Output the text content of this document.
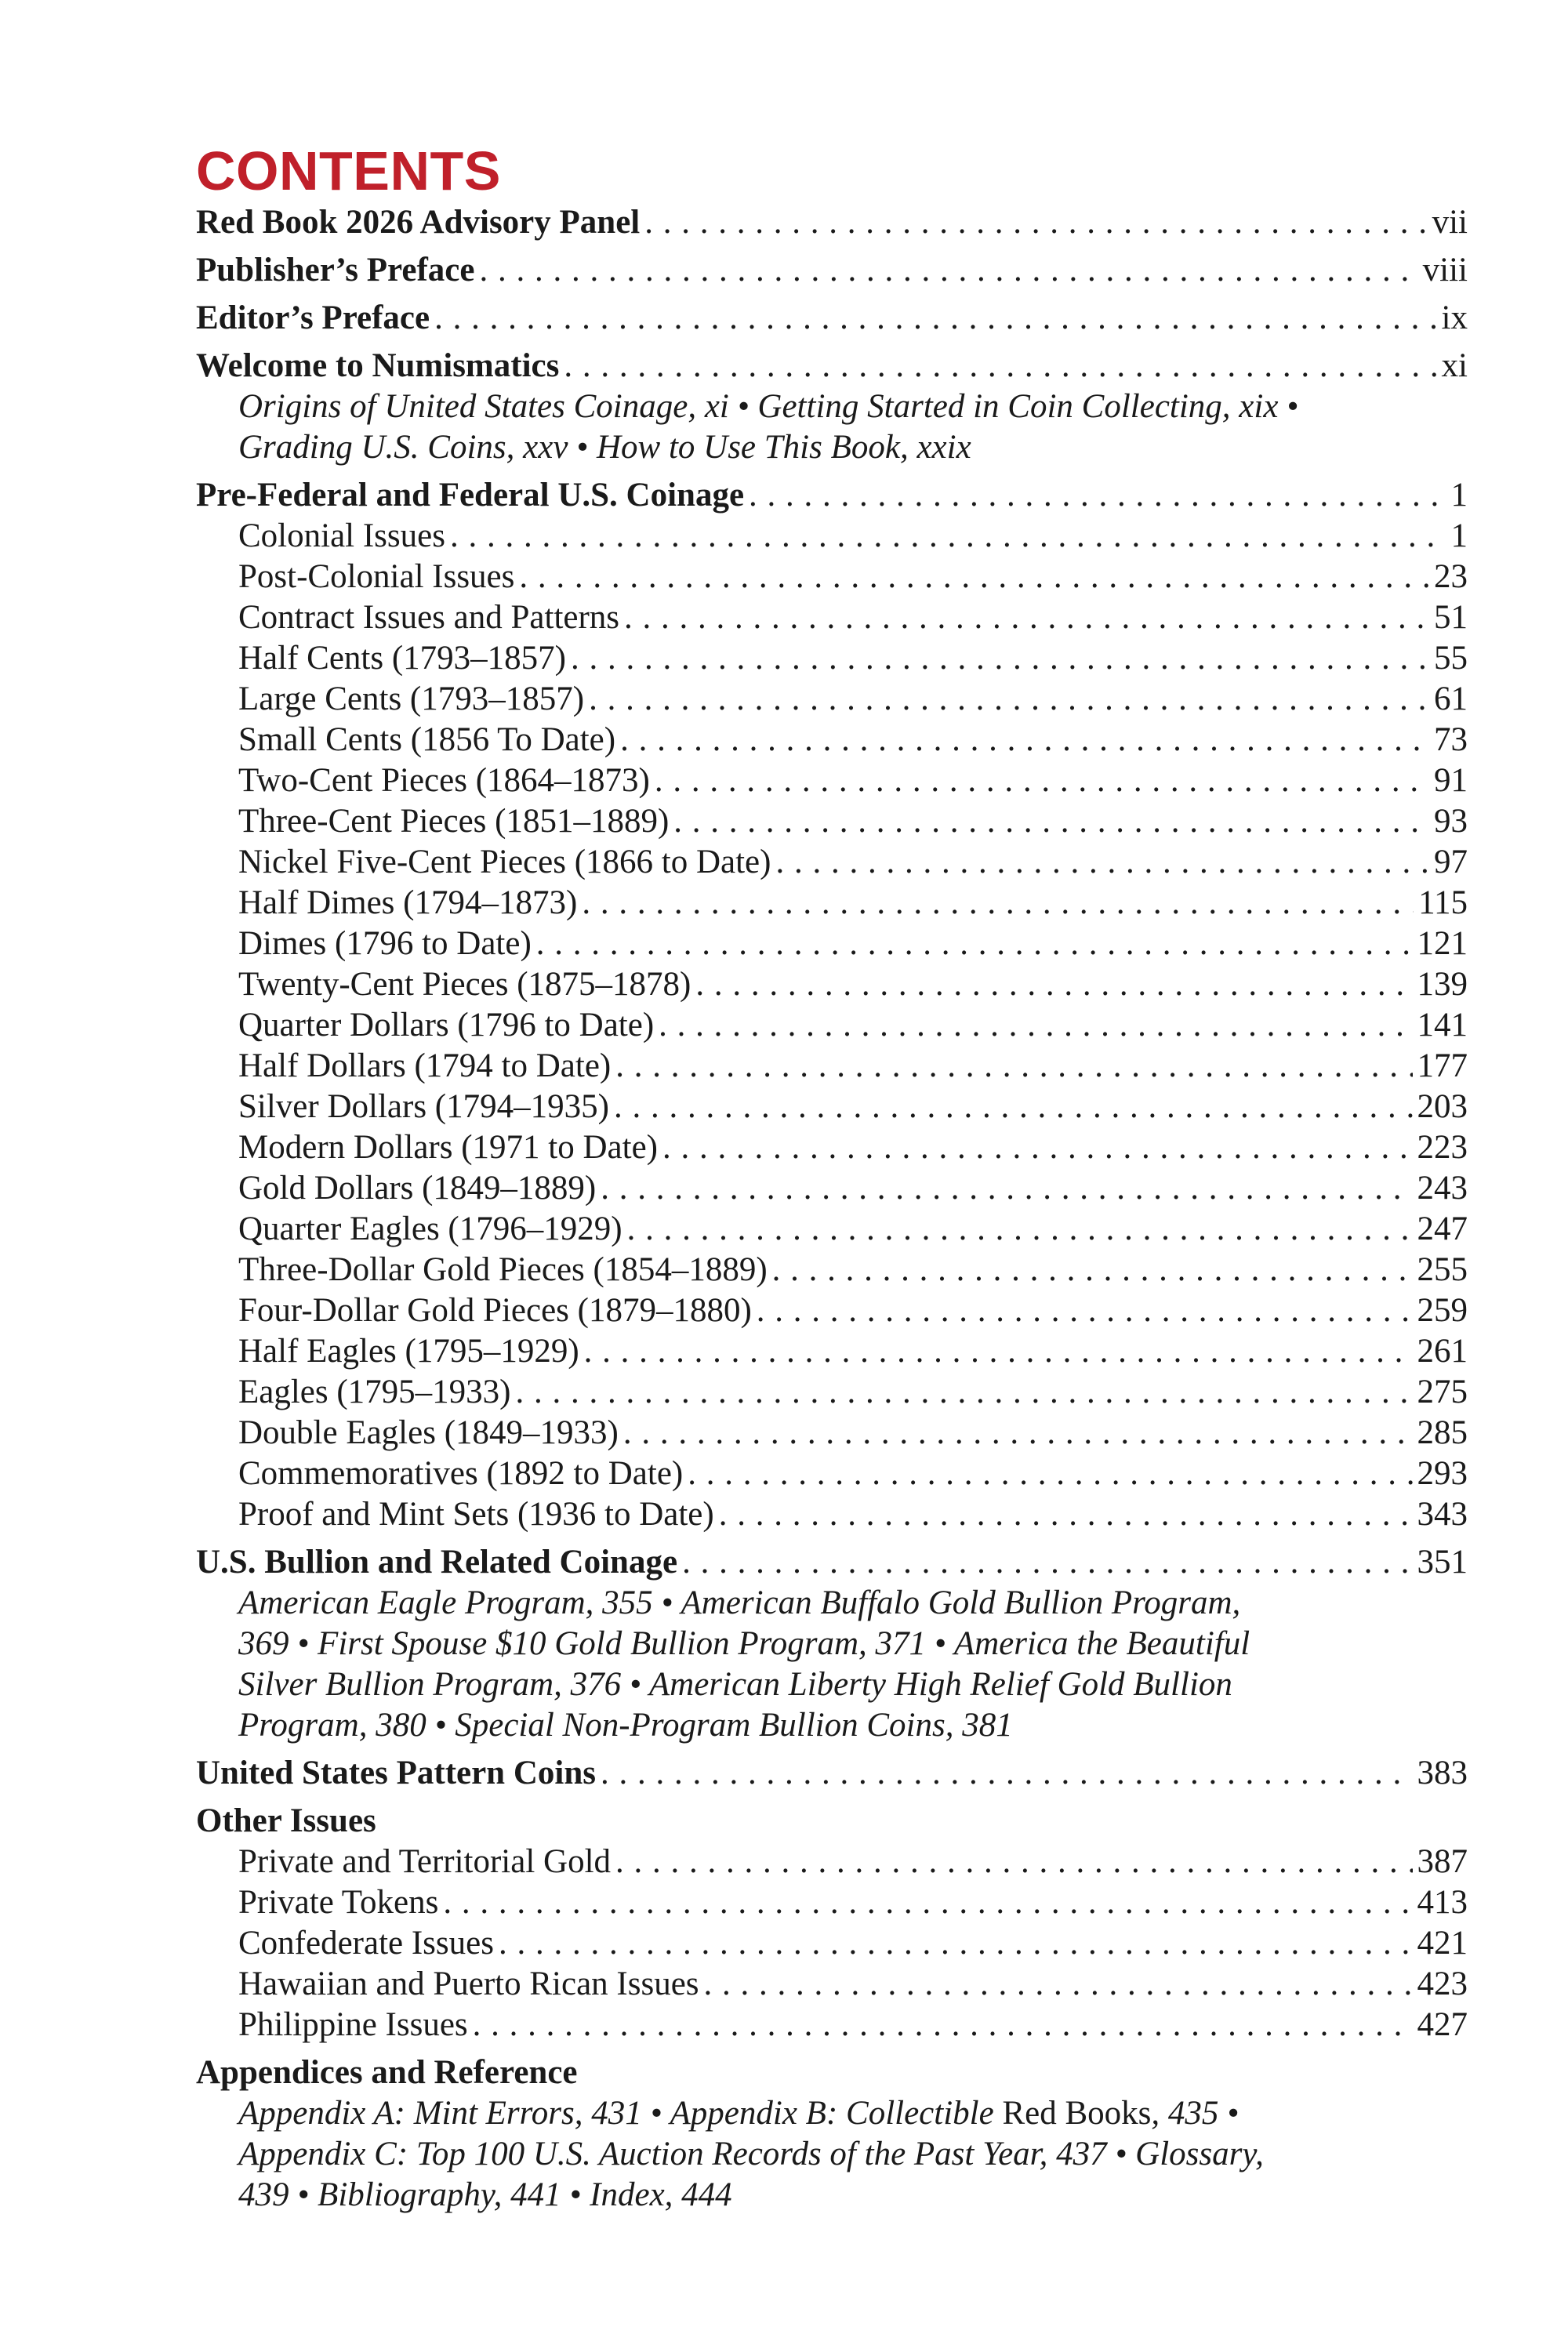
CONTENTS
Red Book 2026 Advisory Panel . . .	vii
Publisher’s Preface . . .	viii
Editor’s Preface . . .	ix
Welcome to Numismatics . . .	xi
Origins of United States Coinage, xi • Getting Started in Coin Collecting, xix •
Grading U.S. Coins, xxv • How to Use This Book, xxix
Pre-Federal and Federal U.S. Coinage . . .	1
Colonial Issues . . .	1
Post-Colonial Issues . . .	23
Contract Issues and Patterns . . .	51
Half Cents (1793–1857) . . .	55
Large Cents (1793–1857) . . .	61
Small Cents (1856 To Date) . . .	73
Two-Cent Pieces (1864–1873) . . .	91
Three-Cent Pieces (1851–1889) . . .	93
Nickel Five-Cent Pieces (1866 to Date) . . .	97
Half Dimes (1794–1873) . . .	115
Dimes (1796 to Date) . . .	121
Twenty-Cent Pieces (1875–1878) . . .	139
Quarter Dollars (1796 to Date) . . .	141
Half Dollars (1794 to Date) . . .	177
Silver Dollars (1794–1935) . . .	203
Modern Dollars (1971 to Date) . . .	223
Gold Dollars (1849–1889) . . .	243
Quarter Eagles (1796–1929) . . .	247
Three-Dollar Gold Pieces (1854–1889) . . .	255
Four-Dollar Gold Pieces (1879–1880) . . .	259
Half Eagles (1795–1929) . . .	261
Eagles (1795–1933) . . .	275
Double Eagles (1849–1933) . . .	285
Commemoratives (1892 to Date) . . .	293
Proof and Mint Sets (1936 to Date) . . .	343
U.S. Bullion and Related Coinage . . .	351
American Eagle Program, 355 • American Buffalo Gold Bullion Program,
369 • First Spouse $10 Gold Bullion Program, 371 • America the Beautiful
Silver Bullion Program, 376 • American Liberty High Relief Gold Bullion
Program, 380 • Special Non-Program Bullion Coins, 381
United States Pattern Coins . . .	383
Other Issues
Private and Territorial Gold . . .	387
Private Tokens . . .	413
Confederate Issues . . .	421
Hawaiian and Puerto Rican Issues . . .	423
Philippine Issues . . .	427
Appendices and Reference
Appendix A: Mint Errors, 431 • Appendix B: Collectible Red Books, 435 •
Appendix C: Top 100 U.S. Auction Records of the Past Year, 437 • Glossary,
439 • Bibliography, 441 • Index, 444
